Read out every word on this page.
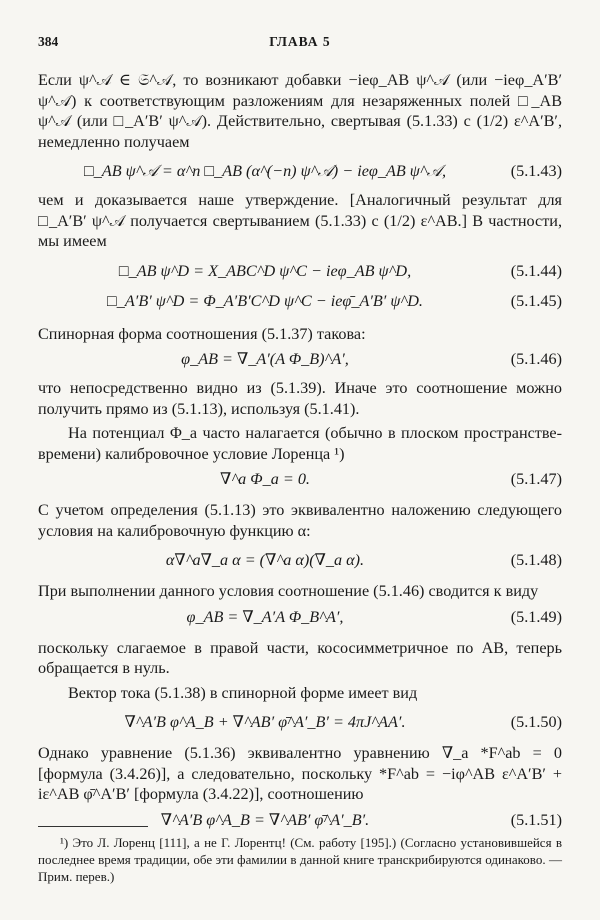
384	ГЛАВА 5

Если ψ^𝒜 ∈ 𝔖^𝒜, то возникают добавки −ieφ_AB ψ^𝒜 (или −ieφ_A′B′ ψ^𝒜) к соответствующим разложениям для незаряженных полей □_AB ψ^𝒜 (или □_A′B′ ψ^𝒜). Действительно, свертывая (5.1.33) с (1/2) ε^A′B′, немедленно получаем

□_AB ψ^𝒜 = α^n □_AB (α^(−n) ψ^𝒜) − ieφ_AB ψ^𝒜,	(5.1.43)

чем и доказывается наше утверждение. [Аналогичный результат для □_A′B′ ψ^𝒜 получается свертыванием (5.1.33) с (1/2) ε^AB.] В частности, мы имеем

□_AB ψ^D = X_ABC^D ψ^C − ieφ_AB ψ^D,	(5.1.44)
□_A′B′ ψ^D = Φ_A′B′C^D ψ^C − ieφ̄_A′B′ ψ^D.	(5.1.45)

Спинорная форма соотношения (5.1.37) такова:

φ_AB = ∇_A′(A Φ_B)^A′,	(5.1.46)

что непосредственно видно из (5.1.39). Иначе это соотношение можно получить прямо из (5.1.13), используя (5.1.41).

На потенциал Φ_a часто налагается (обычно в плоском пространстве-времени) калибровочное условие Лоренца ¹)

∇^a Φ_a = 0.	(5.1.47)

С учетом определения (5.1.13) это эквивалентно наложению следующего условия на калибровочную функцию α:

α∇^a∇_a α = (∇^a α)(∇_a α).	(5.1.48)

При выполнении данного условия соотношение (5.1.46) сводится к виду

φ_AB = ∇_A′A Φ_B^A′,	(5.1.49)

поскольку слагаемое в правой части, кососимметричное по AB, теперь обращается в нуль.

Вектор тока (5.1.38) в спинорной форме имеет вид

∇^A′B φ^A_B + ∇^AB′ φ̄^A′_B′ = 4πJ^AA′.	(5.1.50)

Однако уравнение (5.1.36) эквивалентно уравнению ∇_a *F^ab = 0 [формула (3.4.26)], а следовательно, поскольку *F^ab = −iφ^AB ε^A′B′ + iε^AB φ̄^A′B′ [формула (3.4.22)], соотношению

∇^A′B φ^A_B = ∇^AB′ φ̄^A′_B′.	(5.1.51)
¹) Это Л. Лоренц [111], а не Г. Лорентц! (См. работу [195].) (Согласно установившейся в последнее время традиции, обе эти фамилии в данной книге транскрибируются одинаково. — Прим. перев.)
